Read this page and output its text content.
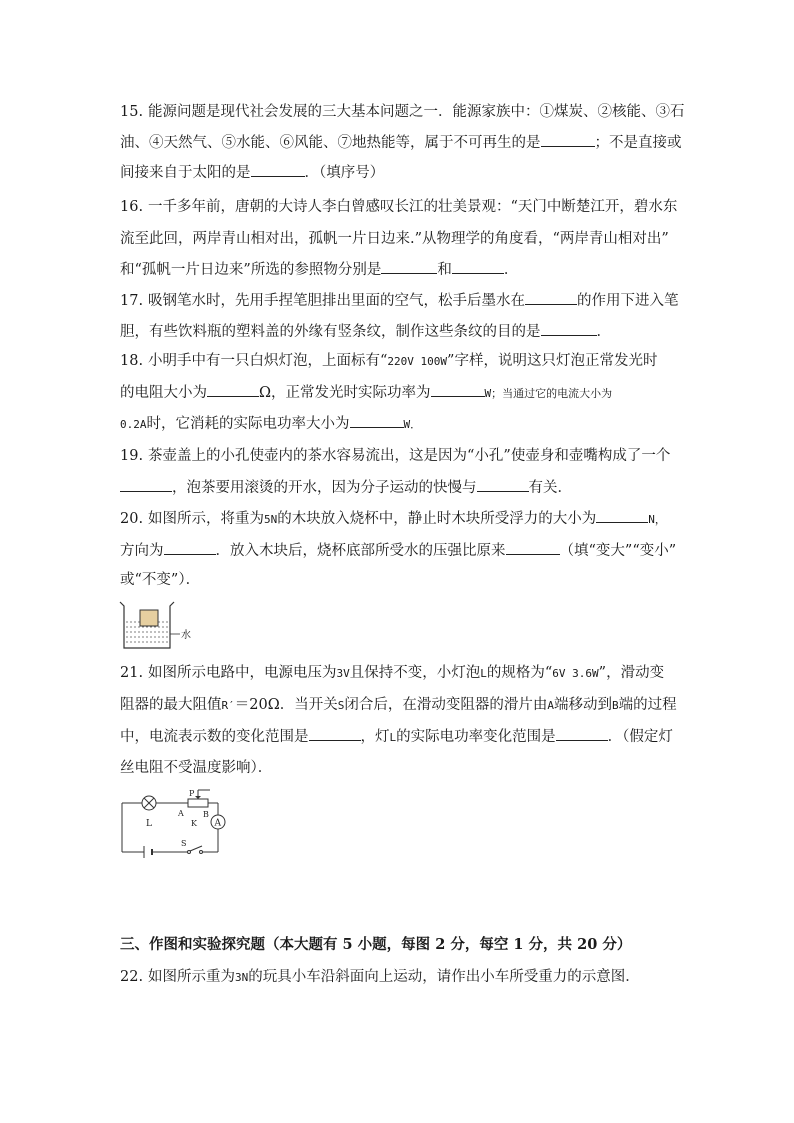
15. 能源问题是现代社会发展的三大基本问题之一．能源家族中：①煤炭、②核能、③石
油、④天然气、⑤水能、⑥风能、⑦地热能等，属于不可再生的是	；不是直接或
间接来自于太阳的是	．（填序号）
16. 一千多年前，唐朝的大诗人李白曾感叹长江的壮美景观：“天门中断楚江开，碧水东
流至此回，两岸青山相对出，孤帆一片日边来.”从物理学的角度看，“两岸青山相对出”
和“孤帆一片日边来”所选的参照物分别是	和	．
17. 吸钢笔水时，先用手捏笔胆排出里面的空气，松手后墨水在	的作用下进入笔
胆，有些饮料瓶的塑料盖的外缘有竖条纹，制作这些条纹的目的是	．
18. 小明手中有一只白炽灯泡，上面标有“220V 100W”字样，说明这只灯泡正常发光时
的电阻大小为	Ω，正常发光时实际功率为	W；当通过它的电流大小为
0.2A时，它消耗的实际电功率大小为	W．
19. 茶壶盖上的小孔使壶内的茶水容易流出，这是因为“小孔”使壶身和壶嘴构成了一个
，泡茶要用滚烫的开水，因为分子运动的快慢与	有关．
20. 如图所示，将重为5N的木块放入烧杯中，静止时木块所受浮力的大小为	N，
方向为	．放入木块后，烧杯底部所受水的压强比原来	（填“变大”“变小”
或“不变”）．
水
21. 如图所示电路中，电源电压为3V且保持不变，小灯泡L的规格为“6V 3.6W”，滑动变
阻器的最大阻值R′＝20Ω．当开关S闭合后，在滑动变阻器的滑片由A端移动到B端的过程
中，电流表示数的变化范围是	，灯L的实际电功率变化范围是	．（假定灯
丝电阻不受温度影响）．
L
P
A B
K A
S
三、作图和实验探究题（本大题有 5 小题，每图 2 分，每空 1 分，共 20 分）
22. 如图所示重为3N的玩具小车沿斜面向上运动，请作出小车所受重力的示意图．
